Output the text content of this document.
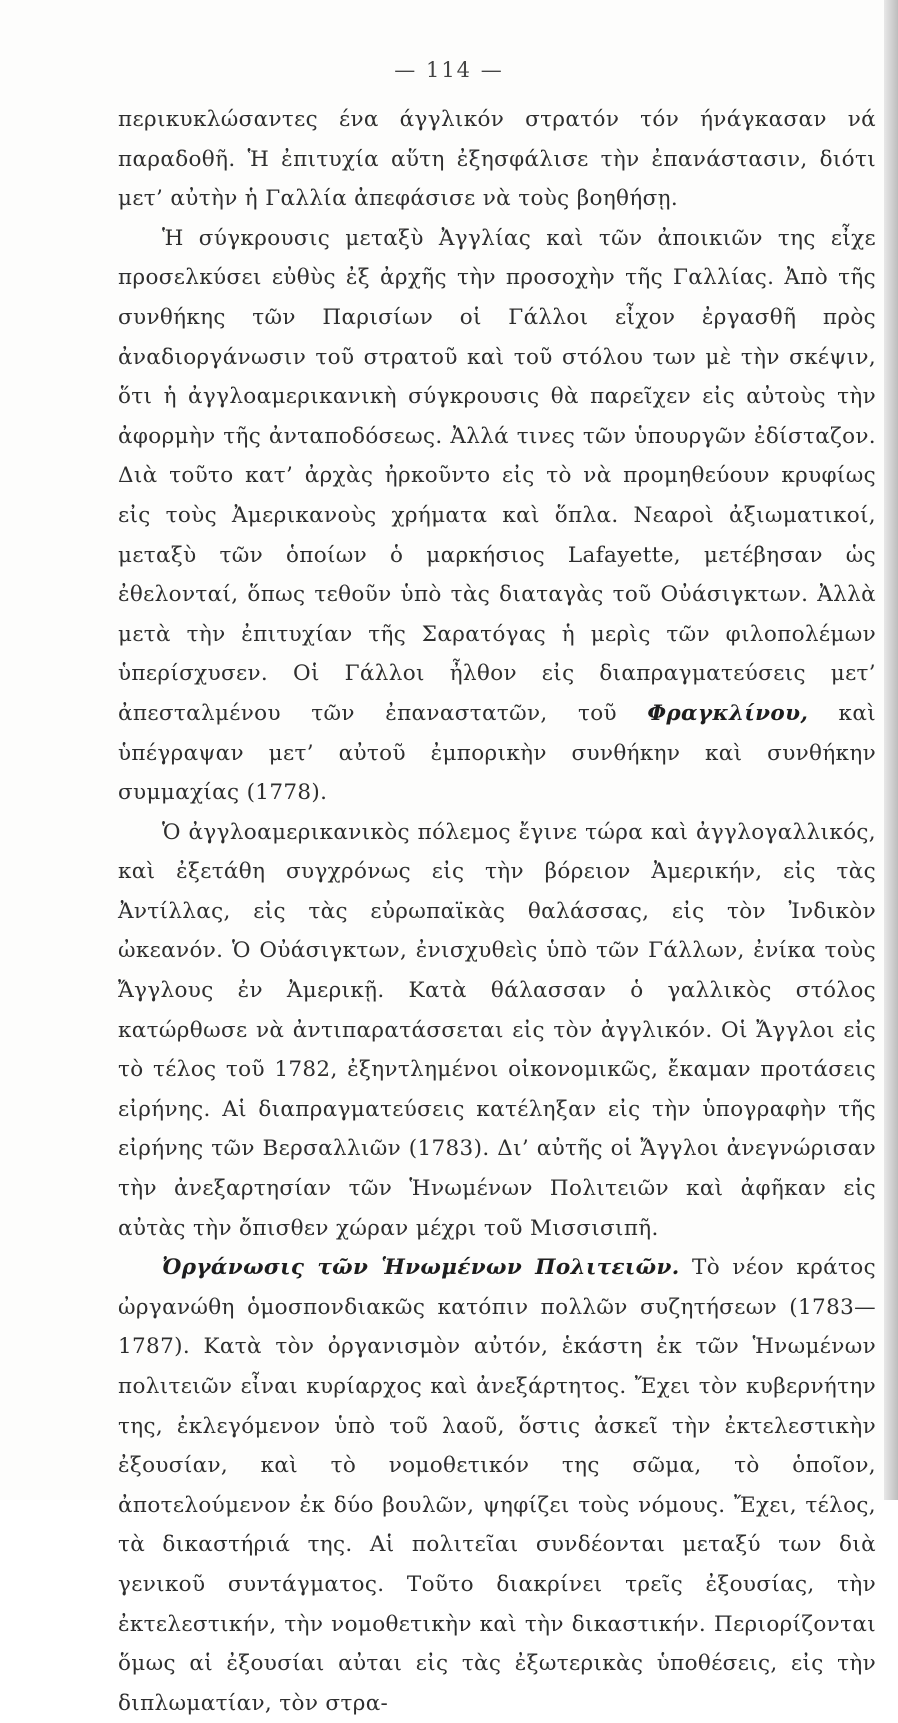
— 114 —

περικυκλώσαντες ένα άγγλικόν στρατόν τόν ήνάγκασαν νά παραδοθῆ. Ἡ ἐπιτυχία αὕτη ἐξησφάλισε τὴν ἐπανάστασιν, διότι μετ’ αὐτὴν ἡ Γαλλία ἀπεφάσισε νὰ τοὺς βοηθήσῃ.

Ἡ σύγκρουσις μεταξὺ Ἀγγλίας καὶ τῶν ἀποικιῶν της εἶχε προσελκύσει εὐθὺς ἐξ ἀρχῆς τὴν προσοχὴν τῆς Γαλλίας. Ἀπὸ τῆς συνθήκης τῶν Παρισίων οἱ Γάλλοι εἶχον ἐργασθῆ πρὸς ἀναδιοργάνωσιν τοῦ στρατοῦ καὶ τοῦ στόλου των μὲ τὴν σκέψιν, ὅτι ἡ ἀγγλοαμερικανικὴ σύγκρουσις θὰ παρεῖχεν εἰς αὐτοὺς τὴν ἀφορμὴν τῆς ἀνταποδόσεως. Ἀλλά τινες τῶν ὑπουργῶν ἐδίσταζον. Διὰ τοῦτο κατ’ ἀρχὰς ἠρκοῦντο εἰς τὸ νὰ προμηθεύουν κρυφίως εἰς τοὺς Ἀμερικανοὺς χρήματα καὶ ὅπλα. Νεαροὶ ἀξιωματικοί, μεταξὺ τῶν ὁποίων ὁ μαρκήσιος Lafayette, μετέβησαν ὡς ἐθελονταί, ὅπως τεθοῦν ὑπὸ τὰς διαταγὰς τοῦ Οὐάσιγκτων. Ἀλλὰ μετὰ τὴν ἐπιτυχίαν τῆς Σαρατόγας ἡ μερὶς τῶν φιλοπολέμων ὑπερίσχυσεν. Οἱ Γάλλοι ἦλθον εἰς διαπραγματεύσεις μετ’ ἀπεσταλμένου τῶν ἐπαναστατῶν, τοῦ Φραγκλίνου, καὶ ὑπέγραψαν μετ’ αὐτοῦ ἐμπορικὴν συνθήκην καὶ συνθήκην συμμαχίας (1778).

Ὁ ἀγγλοαμερικανικὸς πόλεμος ἔγινε τώρα καὶ ἀγγλογαλλικός, καὶ ἐξετάθη συγχρόνως εἰς τὴν βόρειον Ἀμερικήν, εἰς τὰς Ἀντίλλας, εἰς τὰς εὐρωπαϊκὰς θαλάσσας, εἰς τὸν Ἰνδικὸν ὠκεανόν. Ὁ Οὐάσιγκτων, ἐνισχυθεὶς ὑπὸ τῶν Γάλλων, ἐνίκα τοὺς Ἄγγλους ἐν Ἀμερικῇ. Κατὰ θάλασσαν ὁ γαλλικὸς στόλος κατώρθωσε νὰ ἀντιπαρατάσσεται εἰς τὸν ἀγγλικόν. Οἱ Ἄγγλοι εἰς τὸ τέλος τοῦ 1782, ἐξηντλημένοι οἰκονομικῶς, ἔκαμαν προτάσεις εἰρήνης. Αἱ διαπραγματεύσεις κατέληξαν εἰς τὴν ὑπογραφὴν τῆς εἰρήνης τῶν Βερσαλλιῶν (1783). Δι’ αὐτῆς οἱ Ἄγγλοι ἀνεγνώρισαν τὴν ἀνεξαρτησίαν τῶν Ἡνωμένων Πολιτειῶν καὶ ἀφῆκαν εἰς αὐτὰς τὴν ὄπισθεν χώραν μέχρι τοῦ Μισσισιπῆ.

Ὀργάνωσις τῶν Ἡνωμένων Πολιτειῶν. Τὸ νέον κράτος ὠργανώθη ὁμοσπονδιακῶς κατόπιν πολλῶν συζητήσεων (1783—1787). Κατὰ τὸν ὀργανισμὸν αὐτόν, ἑκάστη ἐκ τῶν Ἡνωμένων πολιτειῶν εἶναι κυρίαρχος καὶ ἀνεξάρτητος. Ἔχει τὸν κυβερνήτην της, ἐκλεγόμενον ὑπὸ τοῦ λαοῦ, ὅστις ἀσκεῖ τὴν ἐκτελεστικὴν ἐξουσίαν, καὶ τὸ νομοθετικόν της σῶμα, τὸ ὁποῖον, ἀποτελούμενον ἐκ δύο βουλῶν, ψηφίζει τοὺς νόμους. Ἔχει, τέλος, τὰ δικαστήριά της. Αἱ πολιτεῖαι συνδέονται μεταξύ των διὰ γενικοῦ συντάγματος. Τοῦτο διακρίνει τρεῖς ἐξουσίας, τὴν ἐκτελεστικήν, τὴν νομοθετικὴν καὶ τὴν δικαστικήν. Περιορίζονται ὅμως αἱ ἐξουσίαι αὐται εἰς τὰς ἐξωτερικὰς ὑποθέσεις, εἰς τὴν διπλωματίαν, τὸν στρα-
